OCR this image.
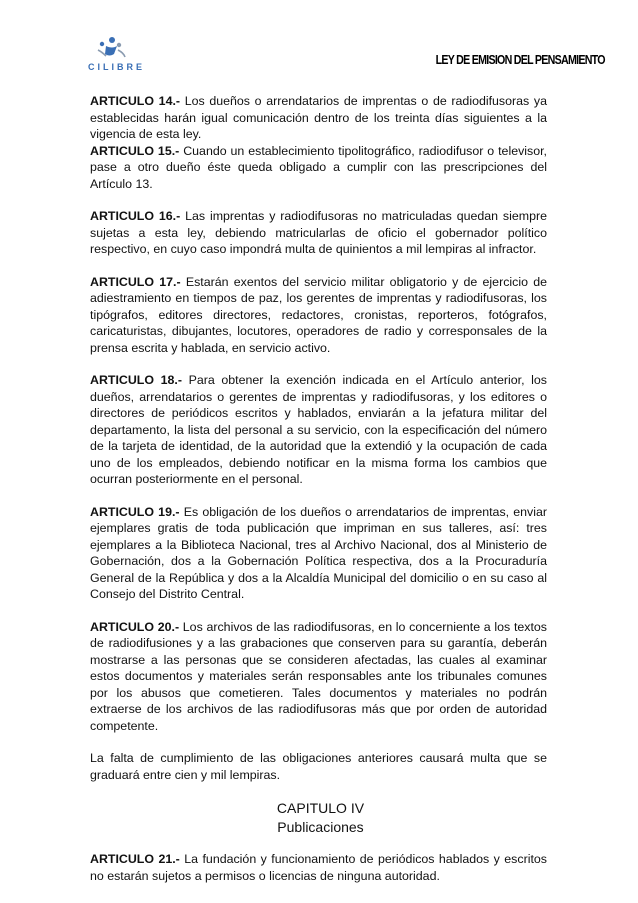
CILIBRE	LEY DE EMISION DEL PENSAMIENTO

ARTICULO 14.- Los dueños o arrendatarios de imprentas o de radiodifusoras ya establecidas harán igual comunicación dentro de los treinta días siguientes a la vigencia de esta ley.

ARTICULO 15.- Cuando un establecimiento tipolitográfico, radiodifusor o televisor, pase a otro dueño éste queda obligado a cumplir con las prescripciones del Artículo 13.

ARTICULO 16.- Las imprentas y radiodifusoras no matriculadas quedan siempre sujetas a esta ley, debiendo matricularlas de oficio el gobernador político respectivo, en cuyo caso impondrá multa de quinientos a mil lempiras al infractor.

ARTICULO 17.- Estarán exentos del servicio militar obligatorio y de ejercicio de adiestramiento en tiempos de paz, los gerentes de imprentas y radiodifusoras, los tipógrafos, editores directores, redactores, cronistas, reporteros, fotógrafos, caricaturistas, dibujantes, locutores, operadores de radio y corresponsales de la prensa escrita y hablada, en servicio activo.

ARTICULO 18.- Para obtener la exención indicada en el Artículo anterior, los dueños, arrendatarios o gerentes de imprentas y radiodifusoras, y los editores o directores de periódicos escritos y hablados, enviarán a la jefatura militar del departamento, la lista del personal a su servicio, con la especificación del número de la tarjeta de identidad, de la autoridad que la extendió y la ocupación de cada uno de los empleados, debiendo notificar en la misma forma los cambios que ocurran posteriormente en el personal.

ARTICULO 19.- Es obligación de los dueños o arrendatarios de imprentas, enviar ejemplares gratis de toda publicación que impriman en sus talleres, así: tres ejemplares a la Biblioteca Nacional, tres al Archivo Nacional, dos al Ministerio de Gobernación, dos a la Gobernación Política respectiva, dos a la Procuraduría General de la República y dos a la Alcaldía Municipal del domicilio o en su caso al Consejo del Distrito Central.

ARTICULO 20.- Los archivos de las radiodifusoras, en lo concerniente a los textos de radiodifusiones y a las grabaciones que conserven para su garantía, deberán mostrarse a las personas que se consideren afectadas, las cuales al examinar estos documentos y materiales serán responsables ante los tribunales comunes por los abusos que cometieren. Tales documentos y materiales no podrán extraerse de los archivos de las radiodifusoras más que por orden de autoridad competente.

La falta de cumplimiento de las obligaciones anteriores causará multa que se graduará entre cien y mil lempiras.

CAPITULO IV
Publicaciones

ARTICULO 21.- La fundación y funcionamiento de periódicos hablados y escritos no estarán sujetos a permisos o licencias de ninguna autoridad.
